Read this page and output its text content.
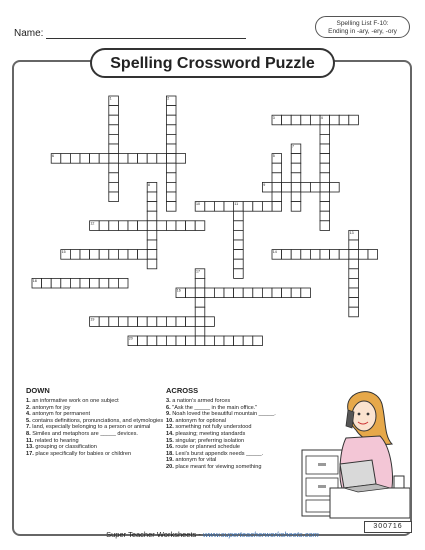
Name:
Spelling List F-10:
Ending in -ary, -ery, -ory
Spelling Crossword Puzzle
1	2
5
7
4
8
11
13
17
3
6
9
10
12
15	14
18
16
19
20
DOWN
1. an informative work on one subject
2. antonym for joy
4. antonym for permanent
5. contains definitions, pronunciations, and etymologies
7. land, especially belonging to a person or animal
8. Similes and metaphors are _____ devices.
11. related to hearing
13. grouping or classification
17. place specifically for babies or children
ACROSS
3. a nation's armed forces
6. "Ask the _____ in the main office."
9. Noah loved the beautiful mountain _____.
10. antonym for optional
12. something not fully understood
14. pleasing; meeting standards
15. singular; preferring isolation
16. route or planned schedule
18. Lexi's burst appendix needs _____.
19. antonym for vital
20. place meant for viewing something
300716
Super Teacher Worksheets - www.superteacherworksheets.com
